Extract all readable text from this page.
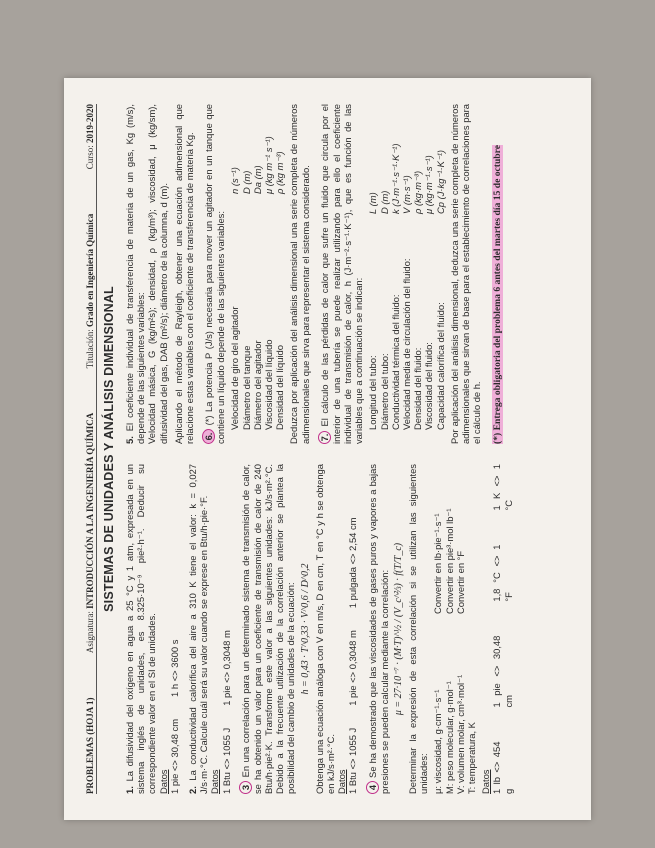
PROBLEMAS (HOJA 1)
Asignatura: INTRODUCCIÓN A LA INGENIERÍA QUÍMICA
Titulación: Grado en Ingeniería Química
Curso: 2019-2020
SISTEMAS DE UNIDADES Y ANÁLISIS DIMENSIONAL
1. La difusividad del oxígeno en agua a 25 °C y 1 atm, expresada en un sistema inglés de unidades, es 8.325·10⁻⁹ pie²·h⁻¹. Deducir su correspondiente valor en el SI de unidades. Datos 1 pie <> 30,48 cm
1 h <> 3600 s
2. La conductividad calorífica del aire a 310 K tiene el valor: k = 0,027 J/s·m·°C. Calcule cuál será su valor cuando se exprese en Btu/h·pie·°F. Datos 1 Btu <> 1055 J
1 pie <> 0,3048 m
3 En una correlación para un determinado sistema de transmisión de calor, se ha obtenido un valor para un coeficiente de transmisión de calor de 240 Btu/h·pie²·K. Transforme este valor a las siguientes unidades: kJ/s·m²·°C. Debido a la frecuente utilización de la correlación anterior se plantea la posibilidad del cambio de unidades de la ecuación: h = 0,43 · T^0,33 · V^0,6 / D^0,2 Obtenga una ecuación análoga con V en m/s, D en cm, T en °C y h se obtenga en kJ/s·m²·°C. Datos 1 Btu <> 1055 J
1 pie <> 0,3048 m
1 pulgada <> 2,54 cm
4 Se ha demostrado que las viscosidades de gases puros y vapores a bajas presiones se pueden calcular mediante la correlación: μ = 27·10⁻⁷ · (M·T)^½ / (V_c^⅔) · f(T/T_c) Determinar la expresión de esta correlación si se utilizan las siguientes unidades: μ: viscosidad, g·cm⁻¹·s⁻¹
Convertir en lb·pie⁻¹·s⁻¹
M: peso molecular, g·mol⁻¹
Convertir en pie³·mol lb⁻¹
V: volumen molar, cm³·mol⁻¹
Convertir en °F
T: temperatura, K Datos 1 lb <> 454 g
1 pie <> 30,48 cm
1,8 °C <> 1 °F
1 K <> 1 °C
5. El coeficiente individual de transferencia de materia de un gas, Kg (m/s), depende de las siguientes variables: Velocidad másica, G (kg/m²s); densidad, ρ (kg/m³); viscosidad, μ (kg/sm), difusividad del gas, DAB (m²/s); diámetro de la columna, d (m). Aplicando el método de Rayleigh, obtener una ecuación adimensional que relacione estas variables con el coeficiente de transferencia de materia Kg. 6. (*) La potencia P (J/s) necesaria para mover un agitador en un tanque que contiene un líquido depende de las siguientes variables: Velocidad de giro del agitador
n (s⁻¹)
Diámetro del tanque
D (m)
Diámetro del agitador
Da (m)
Viscosidad del líquido
μ (kg m⁻¹ s⁻¹)
Densidad del líquido
ρ (kg m⁻³) Deduzca por aplicación del análisis dimensional una serie completa de números adimensionales que sirva para representar el sistema considerado. 7. El cálculo de las pérdidas de calor que sufre un fluido que circula por el interior de una tubería se puede realizar utilizando para ello el coeficiente individual de transmisión de calor, h (J·m⁻²·s⁻¹·K⁻¹), que es función de las variables que a continuación se indican: Longitud del tubo:
L (m)
Diámetro del tubo:
D (m)
Conductividad térmica del fluido:
k (J·m⁻¹·s⁻¹·K⁻¹)
Velocidad media de circulación del fluido:
V (m·s⁻¹)
Densidad del fluido:
ρ (kg·m⁻³)
Viscosidad del fluido:
μ (kg·m⁻¹·s⁻¹)
Capacidad calorífica del fluido:
Cp (J·kg⁻¹·K⁻¹) Por aplicación del análisis dimensional, deduzca una serie completa de números adimensionales que sirvan de base para el establecimiento de correlaciones para el cálculo de h. (*) Entrega obligatoria del problema 6 antes del martes día 15 de octubre
